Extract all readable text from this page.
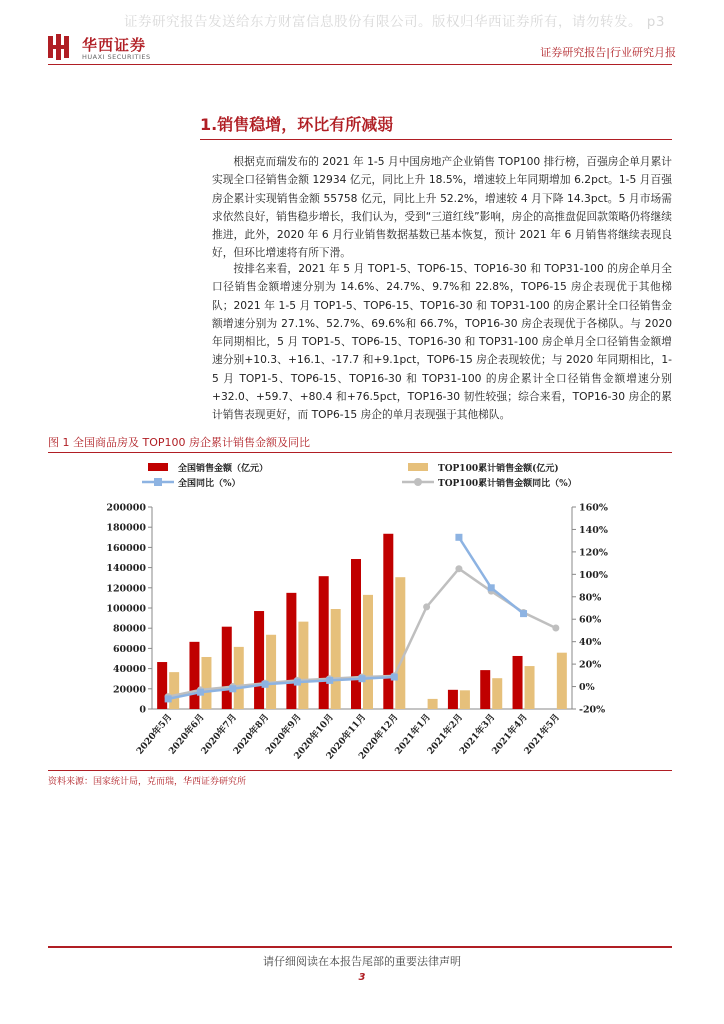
证券研究报告发送给东方财富信息股份有限公司。版权归华西证券所有，请勿转发。 p3
华西证券
HUAXI SECURITIES	证券研究报告|行业研究月报
1.销售稳增，环比有所减弱
根据克而瑞发布的 2021 年 1-5 月中国房地产企业销售 TOP100 排行榜，百强房企单月累计实现全口径销售金额 12934 亿元，同比上升 18.5%，增速较上年同期增加 6.2pct。1-5 月百强房企累计实现销售金额 55758 亿元，同比上升 52.2%，增速较 4 月下降 14.3pct。5 月市场需求依然良好，销售稳步增长，我们认为，受到“三道红线”影响，房企的高推盘促回款策略仍将继续推进，此外，2020 年 6 月行业销售数据基数已基本恢复，预计 2021 年 6 月销售将继续表现良好，但环比增速将有所下滑。
按排名来看，2021 年 5 月 TOP1-5、TOP6-15、TOP16-30 和 TOP31-100 的房企单月全口径销售金额增速分别为 14.6%、24.7%、9.7%和 22.8%，TOP6-15 房企表现优于其他梯队；2021 年 1-5 月 TOP1-5、TOP6-15、TOP16-30 和 TOP31-100 的房企累计全口径销售金额增速分别为 27.1%、52.7%、69.6%和 66.7%，TOP16-30 房企表现优于各梯队。与 2020 年同期相比，5 月 TOP1-5、TOP6-15、TOP16-30 和 TOP31-100 房企单月全口径销售金额增速分别+10.3、+16.1、-17.7 和+9.1pct，TOP6-15 房企表现较优；与 2020 年同期相比，1-5 月 TOP1-5、TOP6-15、TOP16-30 和 TOP31-100 的房企累计全口径销售金额增速分别+32.0、+59.7、+80.4 和+76.5pct，TOP16-30 韧性较强；综合来看，TOP16-30 房企的累计销售表现更好，而 TOP6-15 房企的单月表现强于其他梯队。
图 1 全国商品房及 TOP100 房企累计销售金额及同比
全国销售金额（亿元）	TOP100累计销售金额(亿元)
全国同比（%）	TOP100累计销售金额同比（%）
0
20000
40000
60000
80000
100000
120000
140000
160000
180000
200000
-20%
0%
20%
40%
60%
80%
100%
120%
140%
160%
2020年5月
2020年6月
2020年7月
2020年8月
2020年9月
2020年10月
2020年11月
2020年12月
2021年1月
2021年2月
2021年3月
2021年4月
2021年5月
资料来源：国家统计局，克而瑞，华西证券研究所
请仔细阅读在本报告尾部的重要法律声明
3
